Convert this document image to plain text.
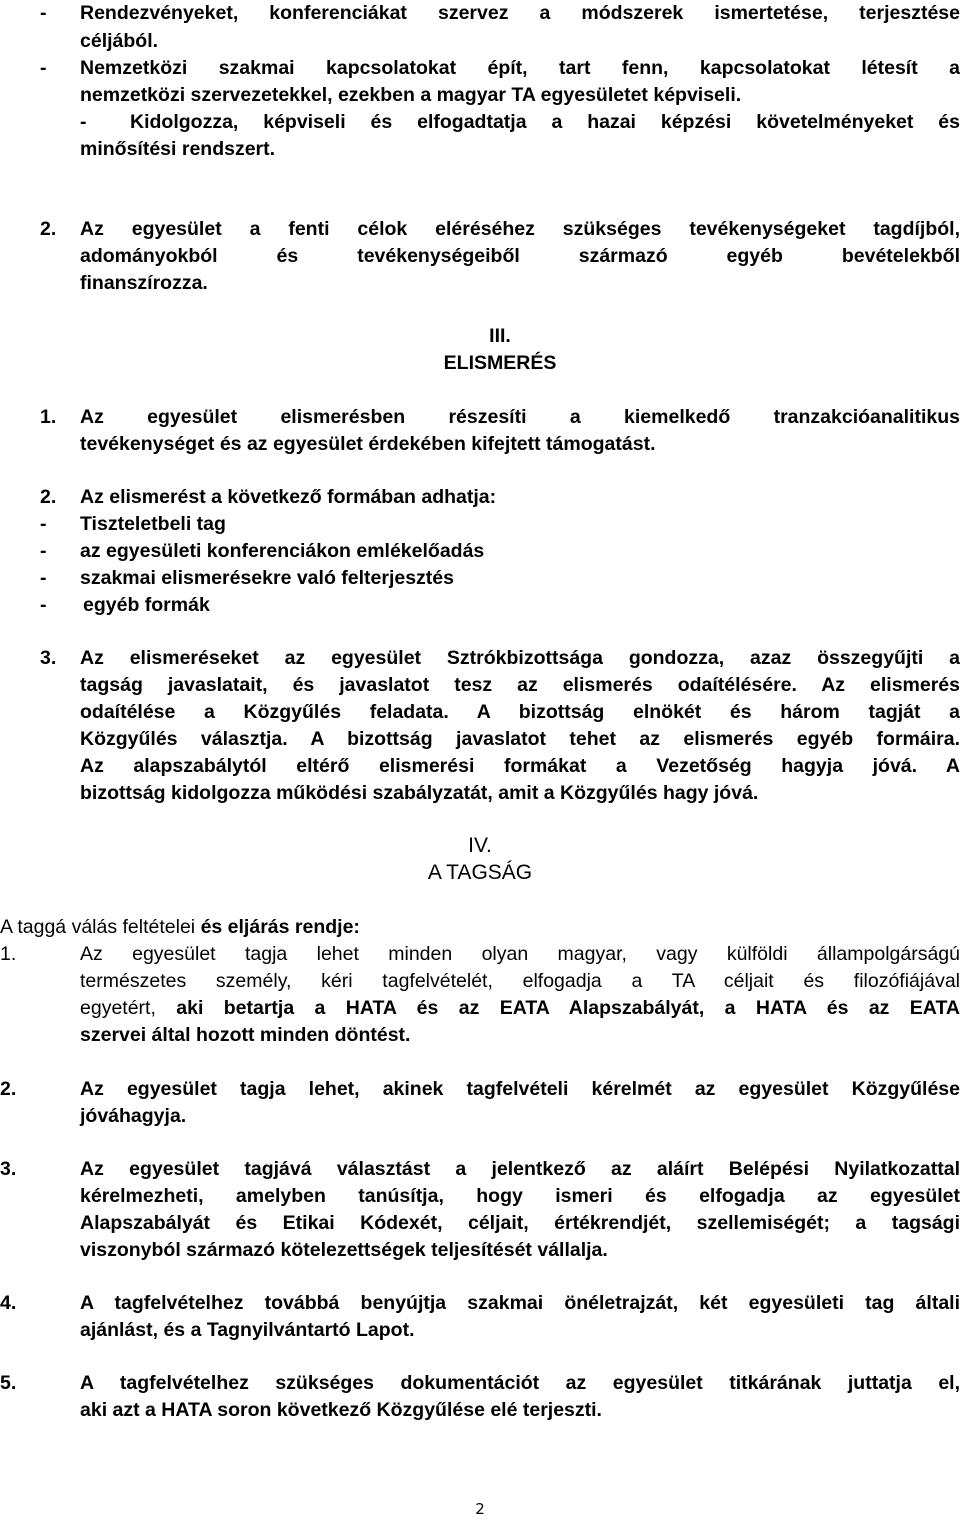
- Rendezvényeket, konferenciákat szervez a módszerek ismertetése, terjesztése
céljából.
- Nemzetközi szakmai kapcsolatokat épít, tart fenn, kapcsolatokat létesít a
nemzetközi szervezetekkel, ezekben a magyar TA egyesületet képviseli.
- Kidolgozza, képviseli és elfogadtatja a hazai képzési követelményeket és
minősítési rendszert.
2. Az egyesület a fenti célok eléréséhez szükséges tevékenységeket tagdíjból,
adományokból és tevékenységeiből származó egyéb bevételekből
finanszírozza.
III.
ELISMERÉS
1. Az egyesület elismerésben részesíti a kiemelkedő tranzakcióanalitikus
tevékenységet és az egyesület érdekében kifejtett támogatást.
2. Az elismerést a következő formában adhatja:
- Tiszteletbeli tag
- az egyesületi konferenciákon emlékelőadás
- szakmai elismerésekre való felterjesztés
- egyéb formák
3. Az elismeréseket az egyesület Sztrókbizottsága gondozza, azaz összegyűjti a
tagság javaslatait, és javaslatot tesz az elismerés odaítélésére. Az elismerés
odaítélése a Közgyűlés feladata. A bizottság elnökét és három tagját a
Közgyűlés választja. A bizottság javaslatot tehet az elismerés egyéb formáira.
Az alapszabálytól eltérő elismerési formákat a Vezetőség hagyja jóvá. A
bizottság kidolgozza működési szabályzatát, amit a Közgyűlés hagy jóvá.
IV.
A TAGSÁG
A taggá válás feltételei és eljárás rendje:
1.	Az egyesület tagja lehet minden olyan magyar, vagy külföldi állampolgárságú
természetes személy, kéri tagfelvételét, elfogadja a TA céljait és filozófiájával
egyetért, aki betartja a HATA és az EATA Alapszabályát, a HATA és az EATA
szervei által hozott minden döntést.
2.	Az egyesület tagja lehet, akinek tagfelvételi kérelmét az egyesület Közgyűlése
jóváhagyja.
3.	Az egyesület tagjává választást a jelentkező az aláírt Belépési Nyilatkozattal
kérelmezheti, amelyben tanúsítja, hogy ismeri és elfogadja az egyesület
Alapszabályát és Etikai Kódexét, céljait, értékrendjét, szellemiségét; a tagsági
viszonyból származó kötelezettségek teljesítését vállalja.
4.	A tagfelvételhez továbbá benyújtja szakmai önéletrajzát, két egyesületi tag általi
ajánlást, és a Tagnyilvántartó Lapot.
5.	A tagfelvételhez szükséges dokumentációt az egyesület titkárának juttatja el,
aki azt a HATA soron következő Közgyűlése elé terjeszti.
2
